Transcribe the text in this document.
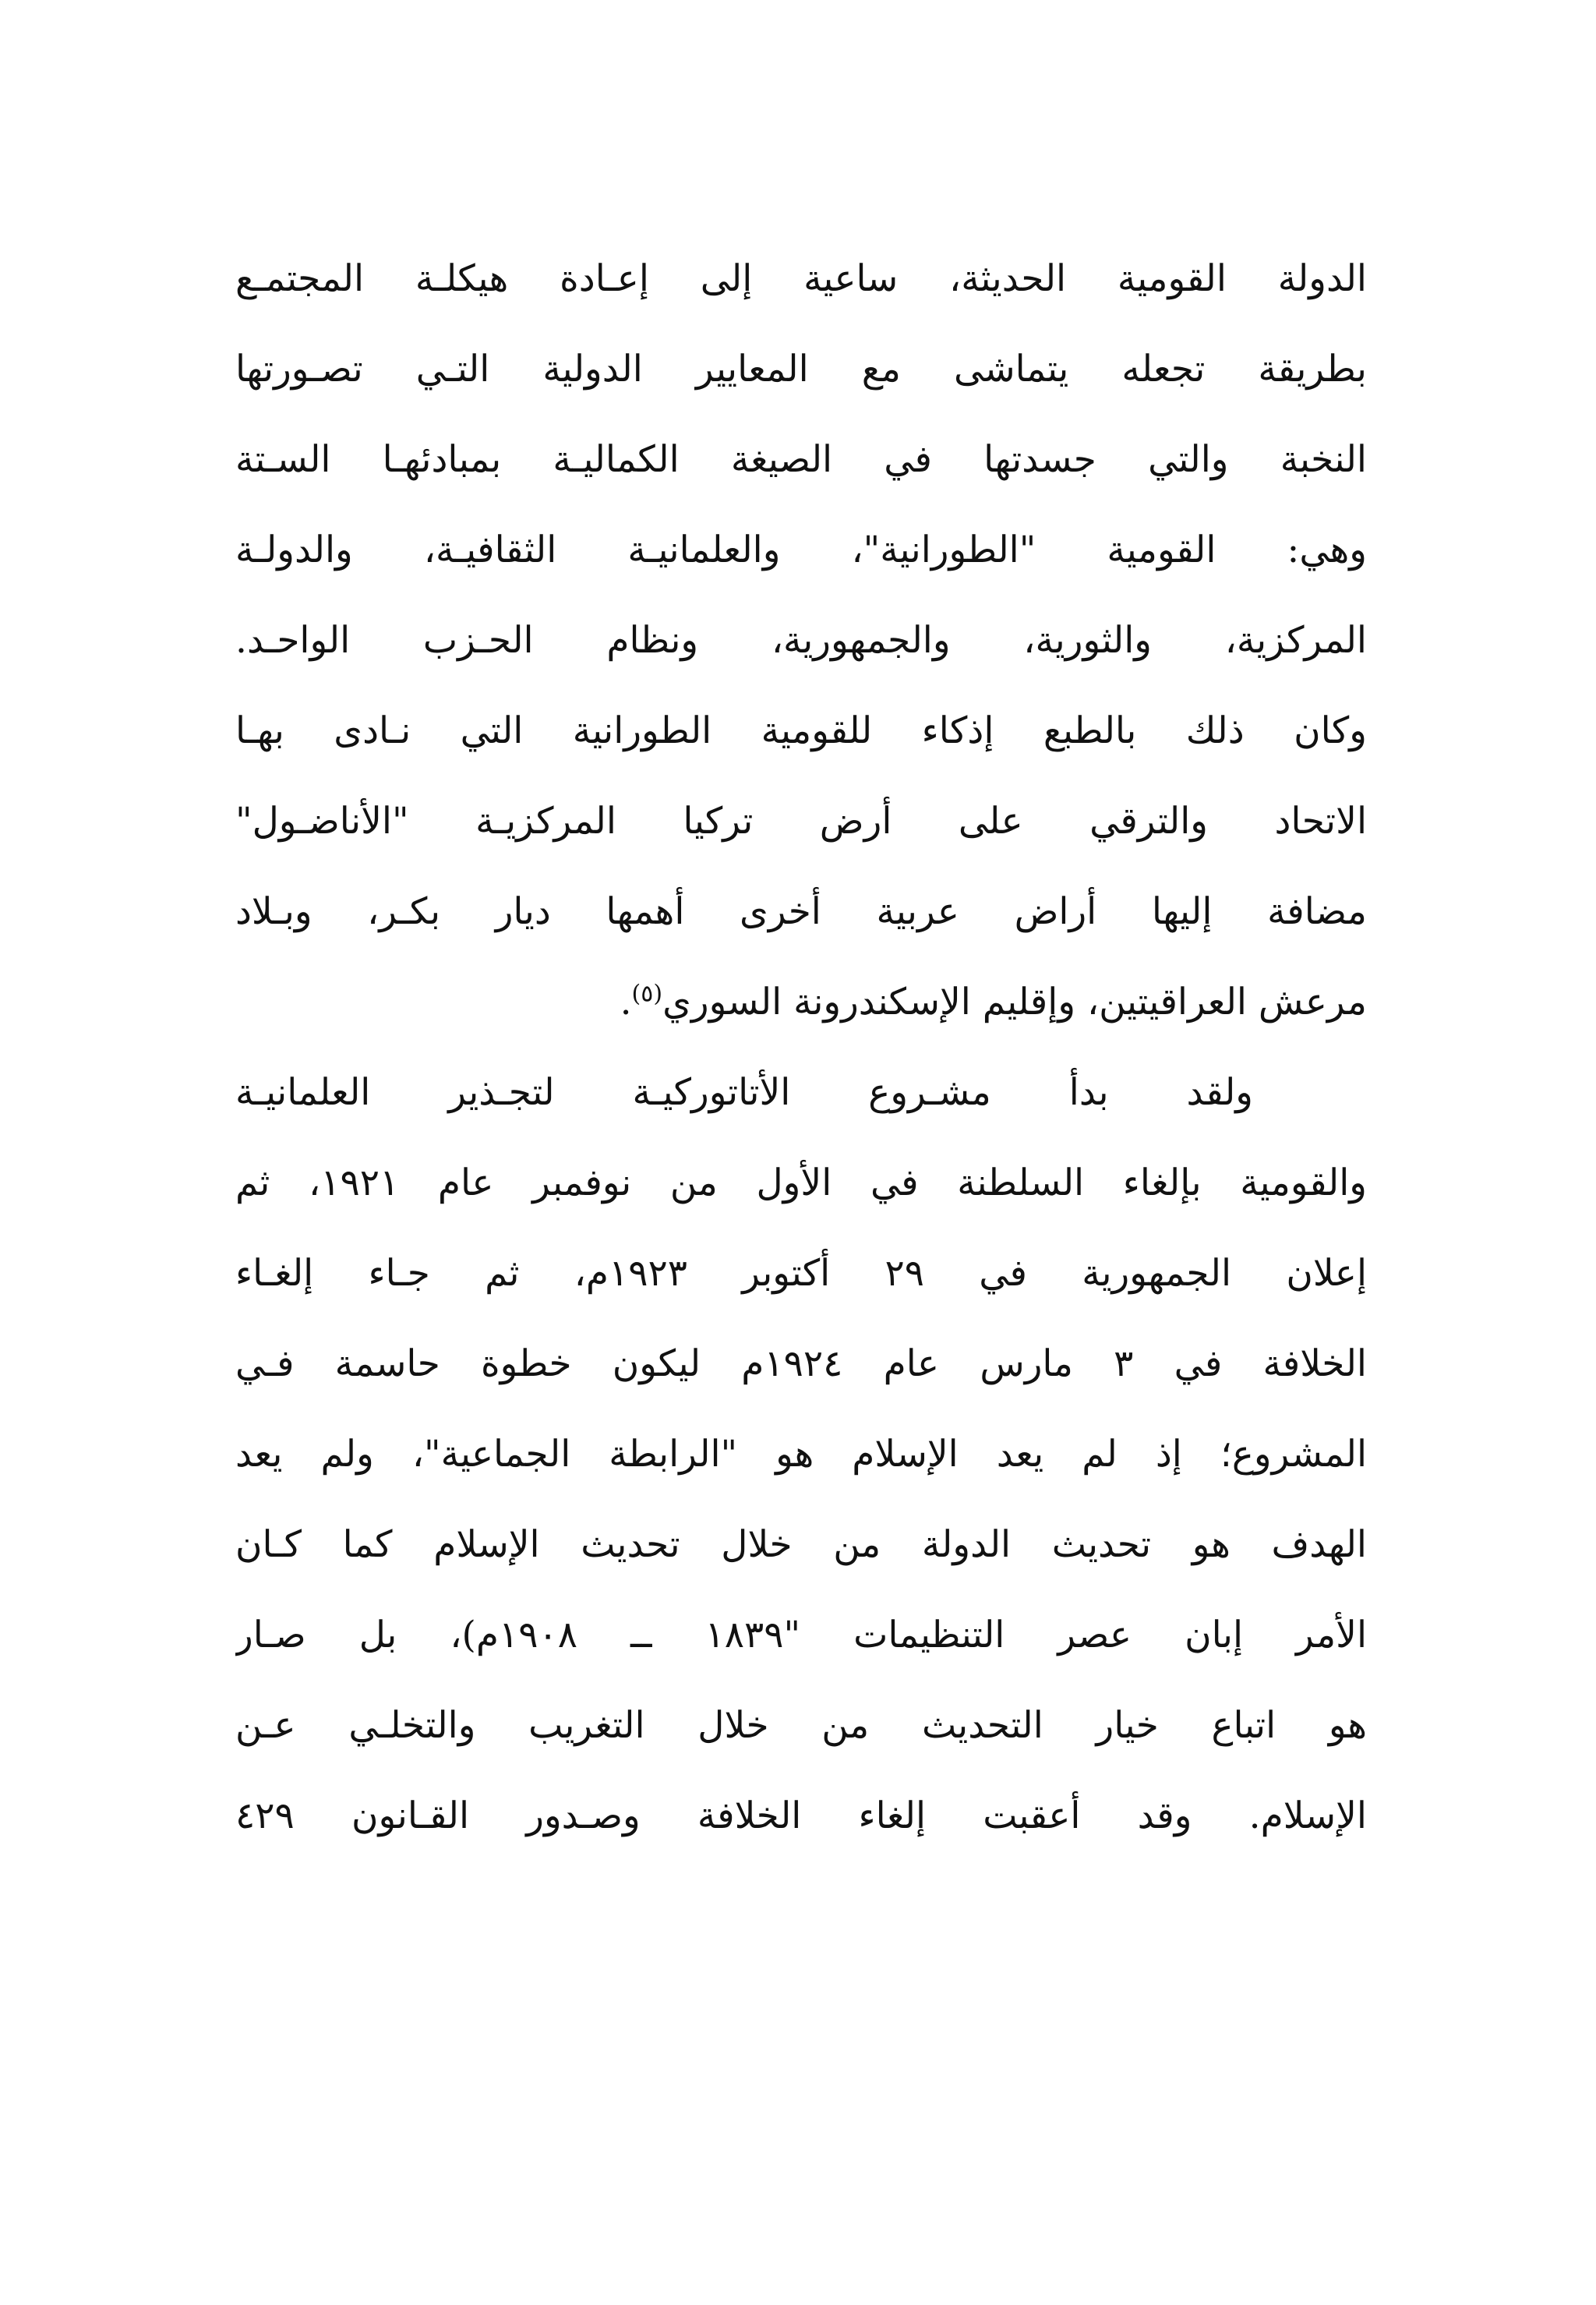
الدولة القومية الحديثة، ساعية إلى إعـادة هيكلـة المجتمـع
بطريقة تجعله يتماشى مع المعايير الدولية التـي تصـورتها
النخبة والتي جسدتها في الصيغة الكماليـة بمبادئهـا السـتة
وهي: القومية "الطورانية"، والعلمانيـة الثقافيـة، والدولـة
المركزية، والثورية، والجمهورية، ونظام الحـزب الواحـد.
وكان ذلك بالطبع إذكاء للقومية الطورانية التي نـادى بهـا
الاتحاد والترقي على أرض تركيا المركزيـة "الأناضـول"
مضافة إليها أراض عربية أخرى أهمها ديار بكـر، وبـلاد
مرعش العراقيتين، وإقليم الإسكندرونة السوري$^{(٥)}$.
ولقد بدأ مشـروع الأتاتوركيـة لتجـذير العلمانيـة
والقومية بإلغاء السلطنة في الأول من نوفمبر عام ١٩٢١، ثم
إعلان الجمهورية في ٢٩ أكتوبر ١٩٢٣م، ثم جـاء إلغـاء
الخلافة في ٣ مارس عام ١٩٢٤م ليكون خطوة حاسمة فـي
المشروع؛ إذ لم يعد الإسلام هو "الرابطة الجماعية"، ولم يعد
الهدف هو تحديث الدولة من خلال تحديث الإسلام كما كـان
الأمر إبان عصر التنظيمات "١٨٣٩ ــ ١٩٠٨م)، بل صـار
هو اتباع خيار التحديث من خلال التغريب والتخلـي عـن
الإسلام. وقد أعقبت إلغاء الخلافة وصـدور القـانون ٤٢٩
